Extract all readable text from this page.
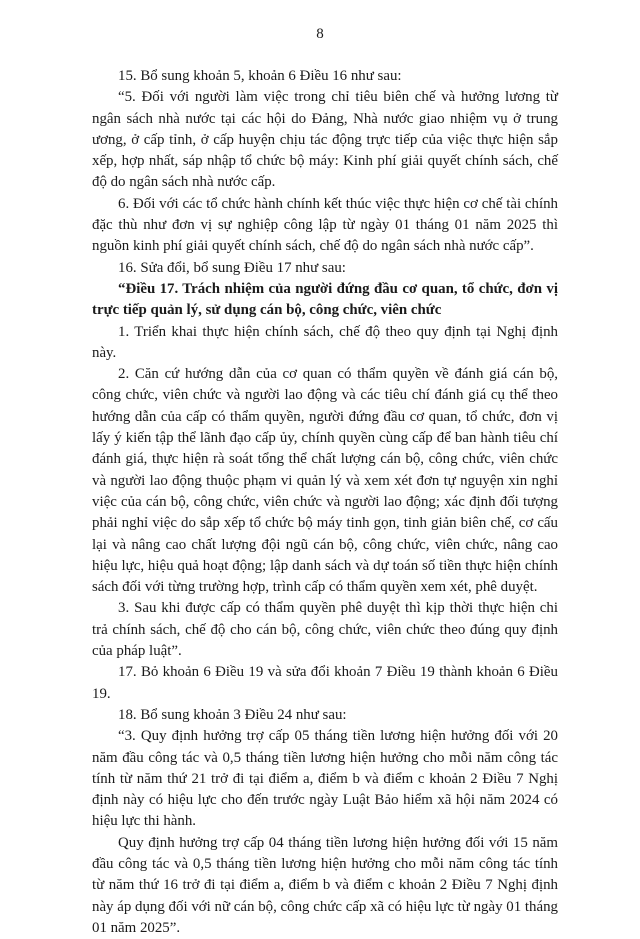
8

15. Bổ sung khoản 5, khoản 6 Điều 16 như sau:

“5. Đối với người làm việc trong chỉ tiêu biên chế và hưởng lương từ ngân sách nhà nước tại các hội do Đảng, Nhà nước giao nhiệm vụ ở trung ương, ở cấp tỉnh, ở cấp huyện chịu tác động trực tiếp của việc thực hiện sắp xếp, hợp nhất, sáp nhập tổ chức bộ máy: Kinh phí giải quyết chính sách, chế độ do ngân sách nhà nước cấp.

6. Đối với các tổ chức hành chính kết thúc việc thực hiện cơ chế tài chính đặc thù như đơn vị sự nghiệp công lập từ ngày 01 tháng 01 năm 2025 thì nguồn kinh phí giải quyết chính sách, chế độ do ngân sách nhà nước cấp”.

16. Sửa đổi, bổ sung Điều 17 như sau:

“Điều 17. Trách nhiệm của người đứng đầu cơ quan, tổ chức, đơn vị trực tiếp quản lý, sử dụng cán bộ, công chức, viên chức

1. Triển khai thực hiện chính sách, chế độ theo quy định tại Nghị định này.

2. Căn cứ hướng dẫn của cơ quan có thẩm quyền về đánh giá cán bộ, công chức, viên chức và người lao động và các tiêu chí đánh giá cụ thể theo hướng dẫn của cấp có thẩm quyền, người đứng đầu cơ quan, tổ chức, đơn vị lấy ý kiến tập thể lãnh đạo cấp ủy, chính quyền cùng cấp để ban hành tiêu chí đánh giá, thực hiện rà soát tổng thể chất lượng cán bộ, công chức, viên chức và người lao động thuộc phạm vi quản lý và xem xét đơn tự nguyện xin nghỉ việc của cán bộ, công chức, viên chức và người lao động; xác định đối tượng phải nghỉ việc do sắp xếp tổ chức bộ máy tinh gọn, tinh giản biên chế, cơ cấu lại và nâng cao chất lượng đội ngũ cán bộ, công chức, viên chức, nâng cao hiệu lực, hiệu quả hoạt động; lập danh sách và dự toán số tiền thực hiện chính sách đối với từng trường hợp, trình cấp có thẩm quyền xem xét, phê duyệt.

3. Sau khi được cấp có thẩm quyền phê duyệt thì kịp thời thực hiện chi trả chính sách, chế độ cho cán bộ, công chức, viên chức theo đúng quy định của pháp luật”.

17. Bỏ khoản 6 Điều 19 và sửa đổi khoản 7 Điều 19 thành khoản 6 Điều 19.

18. Bổ sung khoản 3 Điều 24 như sau:

“3. Quy định hưởng trợ cấp 05 tháng tiền lương hiện hưởng đối với 20 năm đầu công tác và 0,5 tháng tiền lương hiện hưởng cho mỗi năm công tác tính từ năm thứ 21 trở đi tại điểm a, điểm b và điểm c khoản 2 Điều 7 Nghị định này có hiệu lực cho đến trước ngày Luật Bảo hiểm xã hội năm 2024 có hiệu lực thi hành.

Quy định hưởng trợ cấp 04 tháng tiền lương hiện hưởng đối với 15 năm đầu công tác và 0,5 tháng tiền lương hiện hưởng cho mỗi năm công tác tính từ năm thứ 16 trở đi tại điểm a, điểm b và điểm c khoản 2 Điều 7 Nghị định này áp dụng đối với nữ cán bộ, công chức cấp xã có hiệu lực từ ngày 01 tháng 01 năm 2025”.
